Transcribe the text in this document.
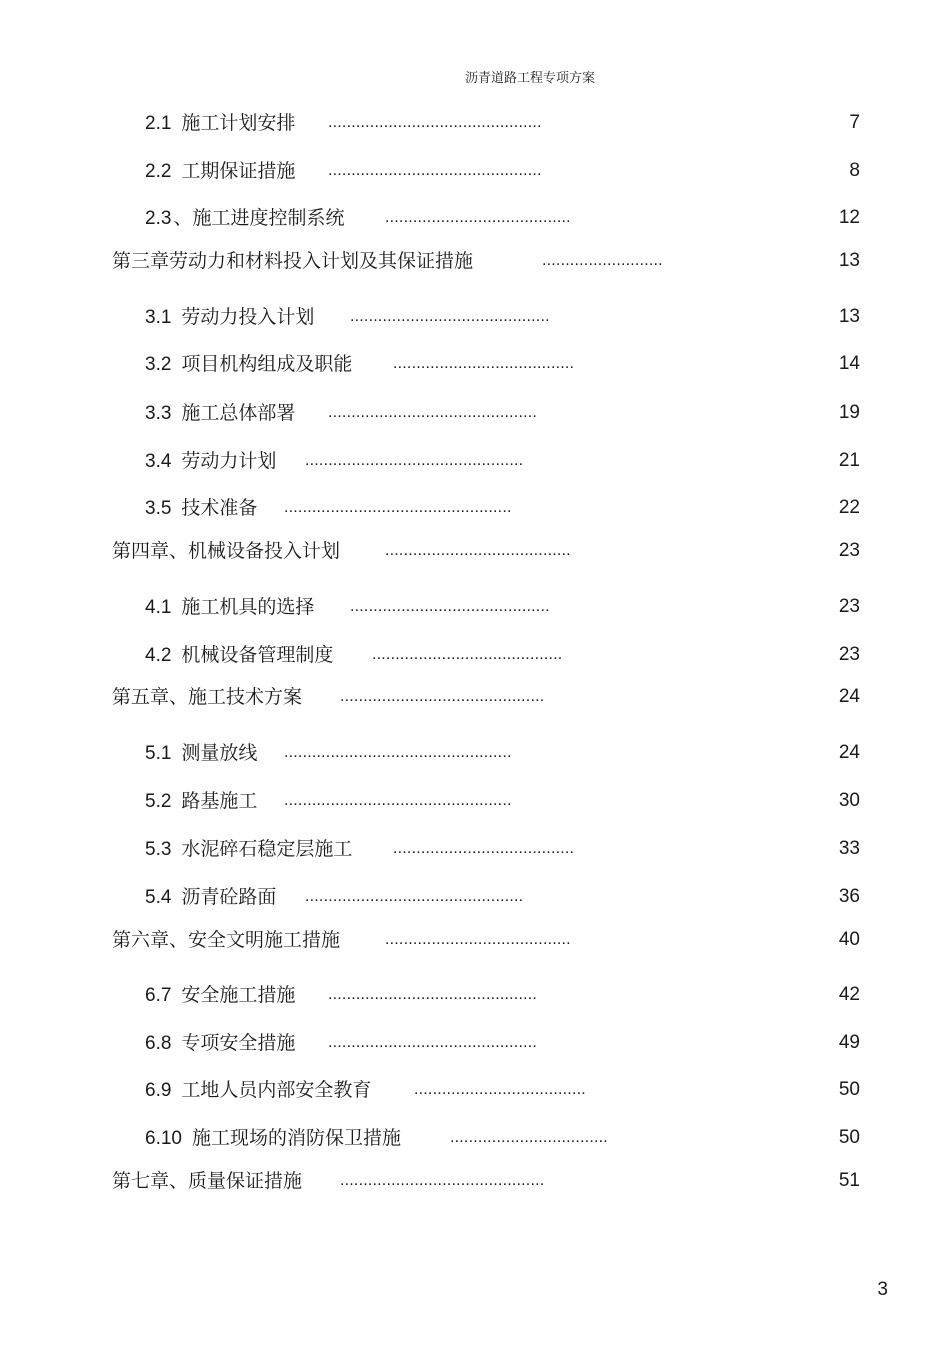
沥青道路工程专项方案
2.1 施工计划安排 ..............................................	7
2.2 工期保证措施 ..............................................	8
2.3 、施工进度控制系统	........................................	12
第三章劳动力和材料投入计划及其保证措施	..........................	13
3.1 劳动力投入计划 ...........................................	13
3.2 项目机构组成及职能	.......................................	14
3.3 施工总体部署 .............................................	19
3.4 劳动力计划 ...............................................	21
3.5 技术准备 .................................................	22
第四章、机械设备投入计划	........................................	23
4.1 施工机具的选择 ...........................................	23
4.2 机械设备管理制度 .........................................	23
第五章、施工技术方案 ............................................	24
5.1 测量放线 .................................................	24
5.2 路基施工 .................................................	30
5.3 水泥碎石稳定层施工	.......................................	33
5.4 沥青砼路面 ...............................................	36
第六章、安全文明施工措施	........................................	40
6.7 安全施工措施 .............................................	42
6.8 专项安全措施 .............................................	49
6.9 工地人员内部安全教育	.....................................	50
6.10 施工现场的消防保卫措施	..................................	50
第七章、质量保证措施 ............................................	51
3
